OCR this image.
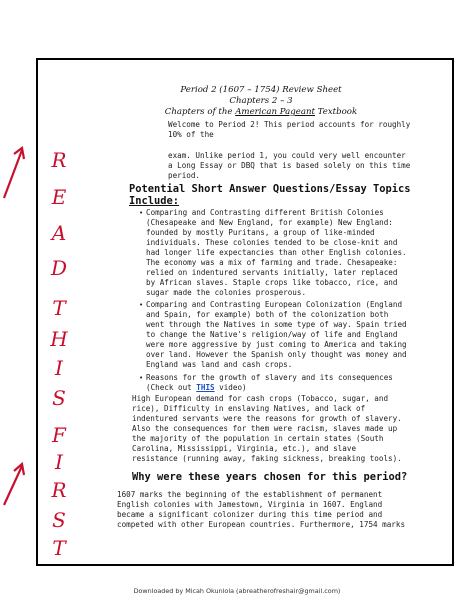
R
E
A
D
T
H
I
S
F
I
R
S
T
Period 2 (1607 – 1754) Review Sheet
Chapters 2 – 3
Chapters of the American Pageant Textbook
Welcome to Period 2! This period accounts for roughly
10% of the
exam. Unlike period 1, you could very well encounter
a Long Essay or DBQ that is based solely on this time
period.
Potential Short Answer Questions/Essay Topics
Include:
• Comparing and Contrasting different British Colonies
(Chesapeake and New England, for example) New England:
founded by mostly Puritans, a group of like-minded
individuals. These colonies tended to be close-knit and
had longer life expectancies than other English colonies.
The economy was a mix of farming and trade. Chesapeake:
relied on indentured servants initially, later replaced
by African slaves. Staple crops like tobacco, rice, and
sugar made the colonies prosperous.
• Comparing and Contrasting European Colonization (England
and Spain, for example) both of the colonization both
went through the Natives in some type of way. Spain tried
to change the Native's religion/way of life and England
were more aggressive by just coming to America and taking
over land. However the Spanish only thought was money and
England was land and cash crops.
• Reasons for the growth of slavery and its consequences
(Check out THIS video)
High European demand for cash crops (Tobacco, sugar, and
rice), Difficulty in enslaving Natives, and lack of
indentured servants were the reasons for growth of slavery.
Also the consequences for them were racism, slaves made up
the majority of the population in certain states (South
Carolina, Mississippi, Virginia, etc.), and slave
resistance (running away, faking sickness, breaking tools).
Why were these years chosen for this period?
1607 marks the beginning of the establishment of permanent
English colonies with Jamestown, Virginia in 1607. England
became a significant colonizer during this time period and
competed with other European countries. Furthermore, 1754 marks
Downloaded by Micah Okunlola (abreatherofreshair@gmail.com)
